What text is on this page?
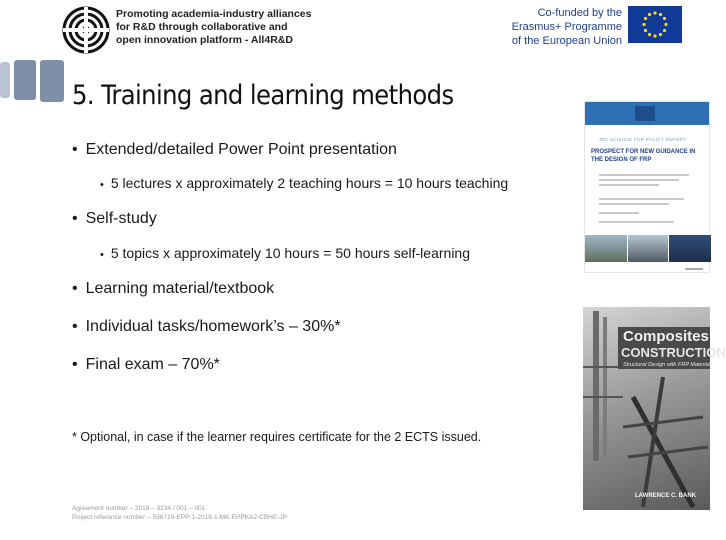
Promoting academia-industry alliances
for R&D through collaborative and
open innovation platform - All4R&D
Co-funded by the
Erasmus+ Programme
of the European Union
5. Training and learning methods
• Extended/detailed Power Point presentation
• 5 lectures x approximately 2 teaching hours = 10 hours teaching
• Self-study
• 5 topics x approximately 10 hours = 50 hours self-learning
• Learning material/textbook
• Individual tasks/homework’s – 30%*
• Final exam – 70%*
* Optional, in case if the learner requires certificate for the 2 ECTS issued.
Agreement number – 2018 – 3234 / 001 – 001
Project reference number – 598719-EPP-1-2018-1-MK-EPPKA2-CBHE-JP
JRC SCIENCE FOR POLICY REPORT
PROSPECT FOR NEW GUIDANCE IN THE DESIGN OF FRP
Composites
CONSTRUCTION
Structural Design with FRP Materials
LAWRENCE C. BANK
